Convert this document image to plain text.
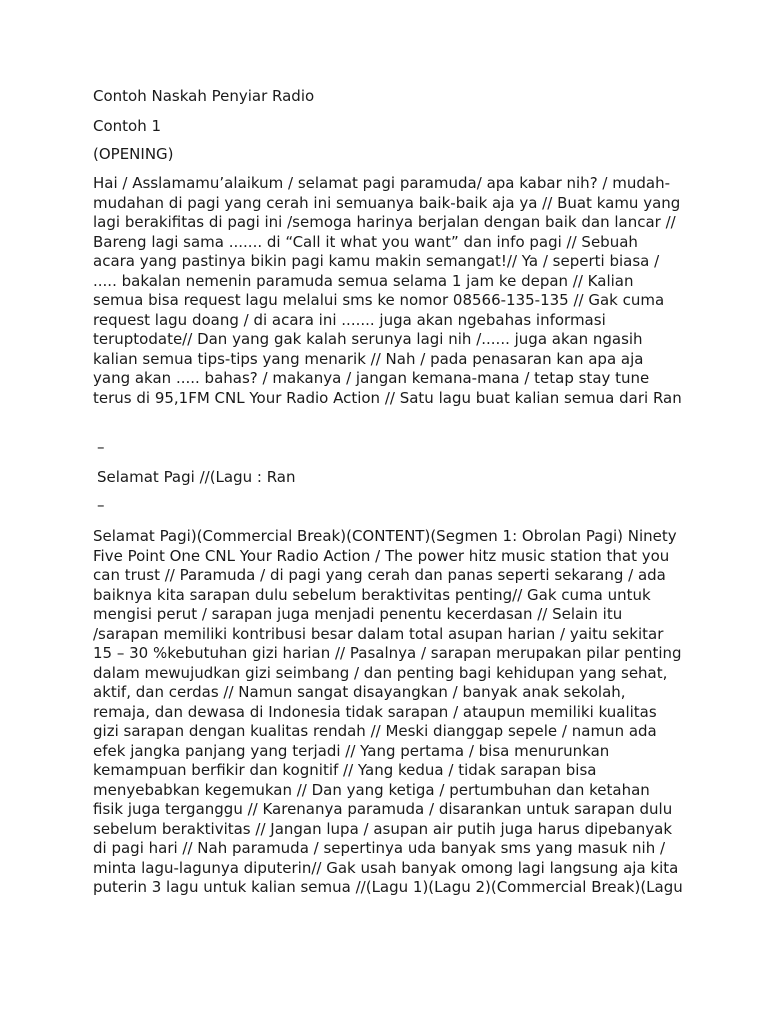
Contoh Naskah Penyiar Radio

Contoh 1

(OPENING)

Hai / Asslamamu’alaikum / selamat pagi paramuda/ apa kabar nih? / mudah-mudahan di pagi yang cerah ini semuanya baik-baik aja ya // Buat kamu yang lagi berakifitas di pagi ini /semoga harinya berjalan dengan baik dan lancar // Bareng lagi sama ....... di “Call it what you want” dan info pagi // Sebuah acara yang pastinya bikin pagi kamu makin semangat!// Ya / seperti biasa / ..... bakalan nemenin paramuda semua selama 1 jam ke depan // Kalian semua bisa request lagu melalui sms ke nomor 08566-135-135 // Gak cuma request lagu doang / di acara ini ....... juga akan ngebahas informasi teruptodate// Dan yang gak kalah serunya lagi nih /...... juga akan ngasih kalian semua tips-tips yang menarik // Nah / pada penasaran kan apa aja yang akan ..... bahas? / makanya / jangan kemana-mana / tetap stay tune terus di 95,1FM CNL Your Radio Action // Satu lagu buat kalian semua dari Ran

–

Selamat Pagi //(Lagu : Ran

–

Selamat Pagi)(Commercial Break)(CONTENT)(Segmen 1: Obrolan Pagi) Ninety Five Point One CNL Your Radio Action / The power hitz music station that you can trust // Paramuda / di pagi yang cerah dan panas seperti sekarang / ada baiknya kita sarapan dulu sebelum beraktivitas penting// Gak cuma untuk mengisi perut / sarapan juga menjadi penentu kecerdasan // Selain itu /sarapan memiliki kontribusi besar dalam total asupan harian / yaitu sekitar 15 – 30 %kebutuhan gizi harian // Pasalnya / sarapan merupakan pilar penting dalam mewujudkan gizi seimbang / dan penting bagi kehidupan yang sehat, aktif, dan cerdas // Namun sangat disayangkan / banyak anak sekolah, remaja, dan dewasa di Indonesia tidak sarapan / ataupun memiliki kualitas gizi sarapan dengan kualitas rendah // Meski dianggap sepele / namun ada efek jangka panjang yang terjadi // Yang pertama / bisa menurunkan kemampuan berfikir dan kognitif // Yang kedua / tidak sarapan bisa menyebabkan kegemukan // Dan yang ketiga / pertumbuhan dan ketahan fisik juga terganggu // Karenanya paramuda / disarankan untuk sarapan dulu sebelum beraktivitas // Jangan lupa / asupan air putih juga harus dipebanyak di pagi hari // Nah paramuda / sepertinya uda banyak sms yang masuk nih / minta lagu-lagunya diputerin// Gak usah banyak omong lagi langsung aja kita puterin 3 lagu untuk kalian semua //(Lagu 1)(Lagu 2)(Commercial Break)(Lagu
